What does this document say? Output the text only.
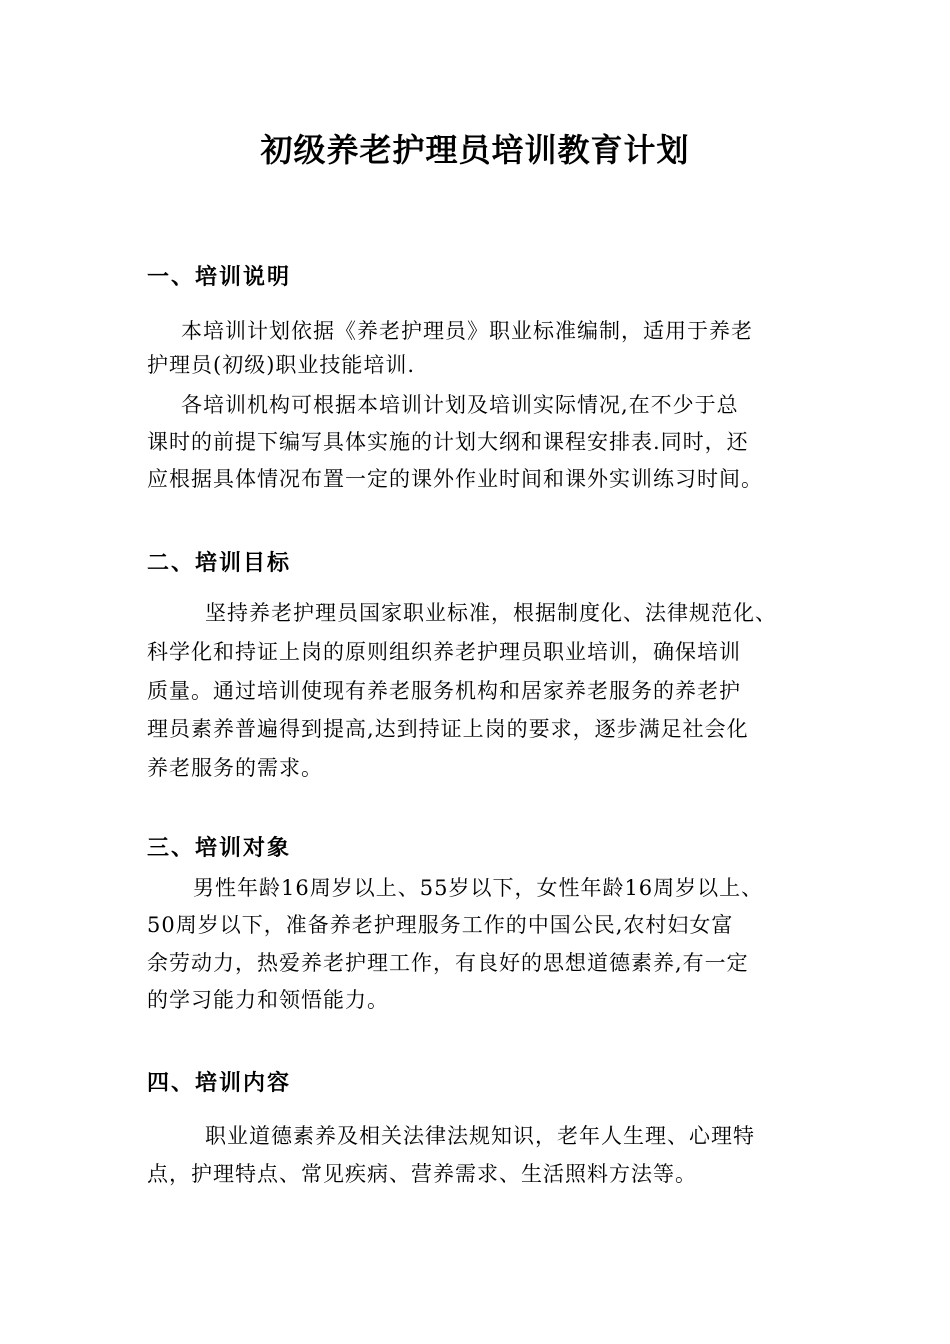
初级养老护理员培训教育计划
一、培训说明
本培训计划依据《养老护理员》职业标准编制，适用于养老
护理员(初级)职业技能培训.
各培训机构可根据本培训计划及培训实际情况,在不少于总
课时的前提下编写具体实施的计划大纲和课程安排表.同时，还
应根据具体情况布置一定的课外作业时间和课外实训练习时间。
二、培训目标
坚持养老护理员国家职业标准，根据制度化、法律规范化、
科学化和持证上岗的原则组织养老护理员职业培训，确保培训
质量。通过培训使现有养老服务机构和居家养老服务的养老护
理员素养普遍得到提高,达到持证上岗的要求，逐步满足社会化
养老服务的需求。
三、培训对象
男性年龄16周岁以上、55岁以下，女性年龄16周岁以上、
50周岁以下，准备养老护理服务工作的中国公民,农村妇女富
余劳动力，热爱养老护理工作，有良好的思想道德素养,有一定
的学习能力和领悟能力。
四、培训内容
职业道德素养及相关法律法规知识，老年人生理、心理特
点，护理特点、常见疾病、营养需求、生活照料方法等。
